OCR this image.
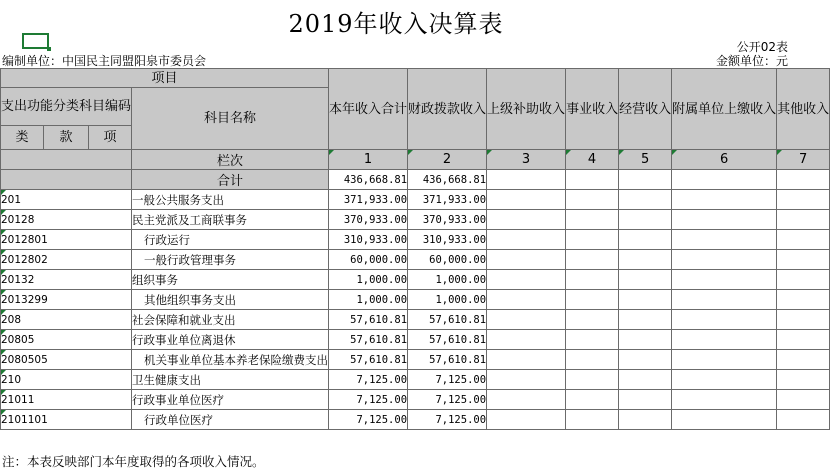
2019年收入决算表
公开02表
编制单位：中国民主同盟阳泉市委员会	金额单位：元
项目				本年收入合计	财政拨款收入	上级补助收入	事业收入	经营收入	附属单位上缴收入	其他收入
支出功能分类科目编码			科目名称							

类	款	项								
			栏次	1	2	3	4	5	6	7
			合计	436,668.81	436,668.81					
201			一般公共服务支出	371,933.00	371,933.00					
20128			民主党派及工商联事务	370,933.00	370,933.00					
2012801			行政运行	310,933.00	310,933.00					
2012802			一般行政管理事务	60,000.00	60,000.00					
20132			组织事务	1,000.00	1,000.00					
2013299			其他组织事务支出	1,000.00	1,000.00					
208			社会保障和就业支出	57,610.81	57,610.81					
20805			行政事业单位离退休	57,610.81	57,610.81					
2080505			机关事业单位基本养老保险缴费支出	57,610.81	57,610.81					
210			卫生健康支出	7,125.00	7,125.00					
21011			行政事业单位医疗	7,125.00	7,125.00					
2101101			行政单位医疗	7,125.00	7,125.00					
注：本表反映部门本年度取得的各项收入情况。
